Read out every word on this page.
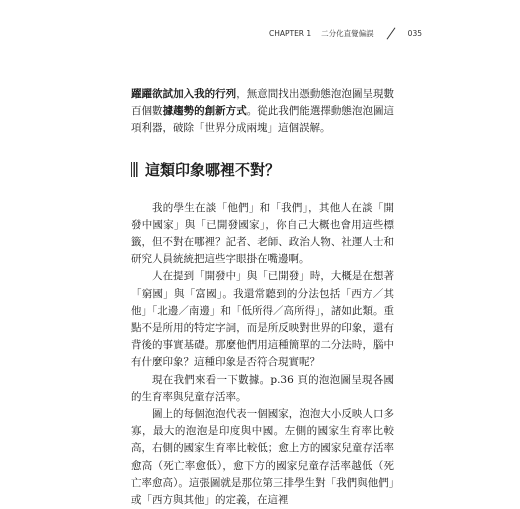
CHAPTER 1 二分化直覺偏誤	035

躍躍欲試加入我的行列，無意間找出憑動態泡泡圖呈現數百個數據趨勢的創新方式。從此我們能選擇動態泡泡圖這項利器，破除「世界分成兩塊」這個誤解。

這類印象哪裡不對？

我的學生在談「他們」和「我們」，其他人在談「開發中國家」與「已開發國家」，你自己大概也會用這些標籤，但不對在哪裡？記者、老師、政治人物、社運人士和研究人員統統把這些字眼掛在嘴邊啊。

人在提到「開發中」與「已開發」時，大概是在想著「窮國」與「富國」。我還常聽到的分法包括「西方／其他」「北邊／南邊」和「低所得／高所得」，諸如此類。重點不是所用的特定字詞，而是所反映對世界的印象，還有背後的事實基礎。那麼他們用這種簡單的二分法時，腦中有什麼印象？這種印象是否符合現實呢？

現在我們來看一下數據。p.36 頁的泡泡圖呈現各國的生育率與兒童存活率。

圖上的每個泡泡代表一個國家，泡泡大小反映人口多寡，最大的泡泡是印度與中國。左側的國家生育率比較高，右側的國家生育率比較低；愈上方的國家兒童存活率愈高（死亡率愈低），愈下方的國家兒童存活率越低（死亡率愈高）。這張圖就是那位第三排學生對「我們與他們」或「西方與其他」的定義，在這裡
